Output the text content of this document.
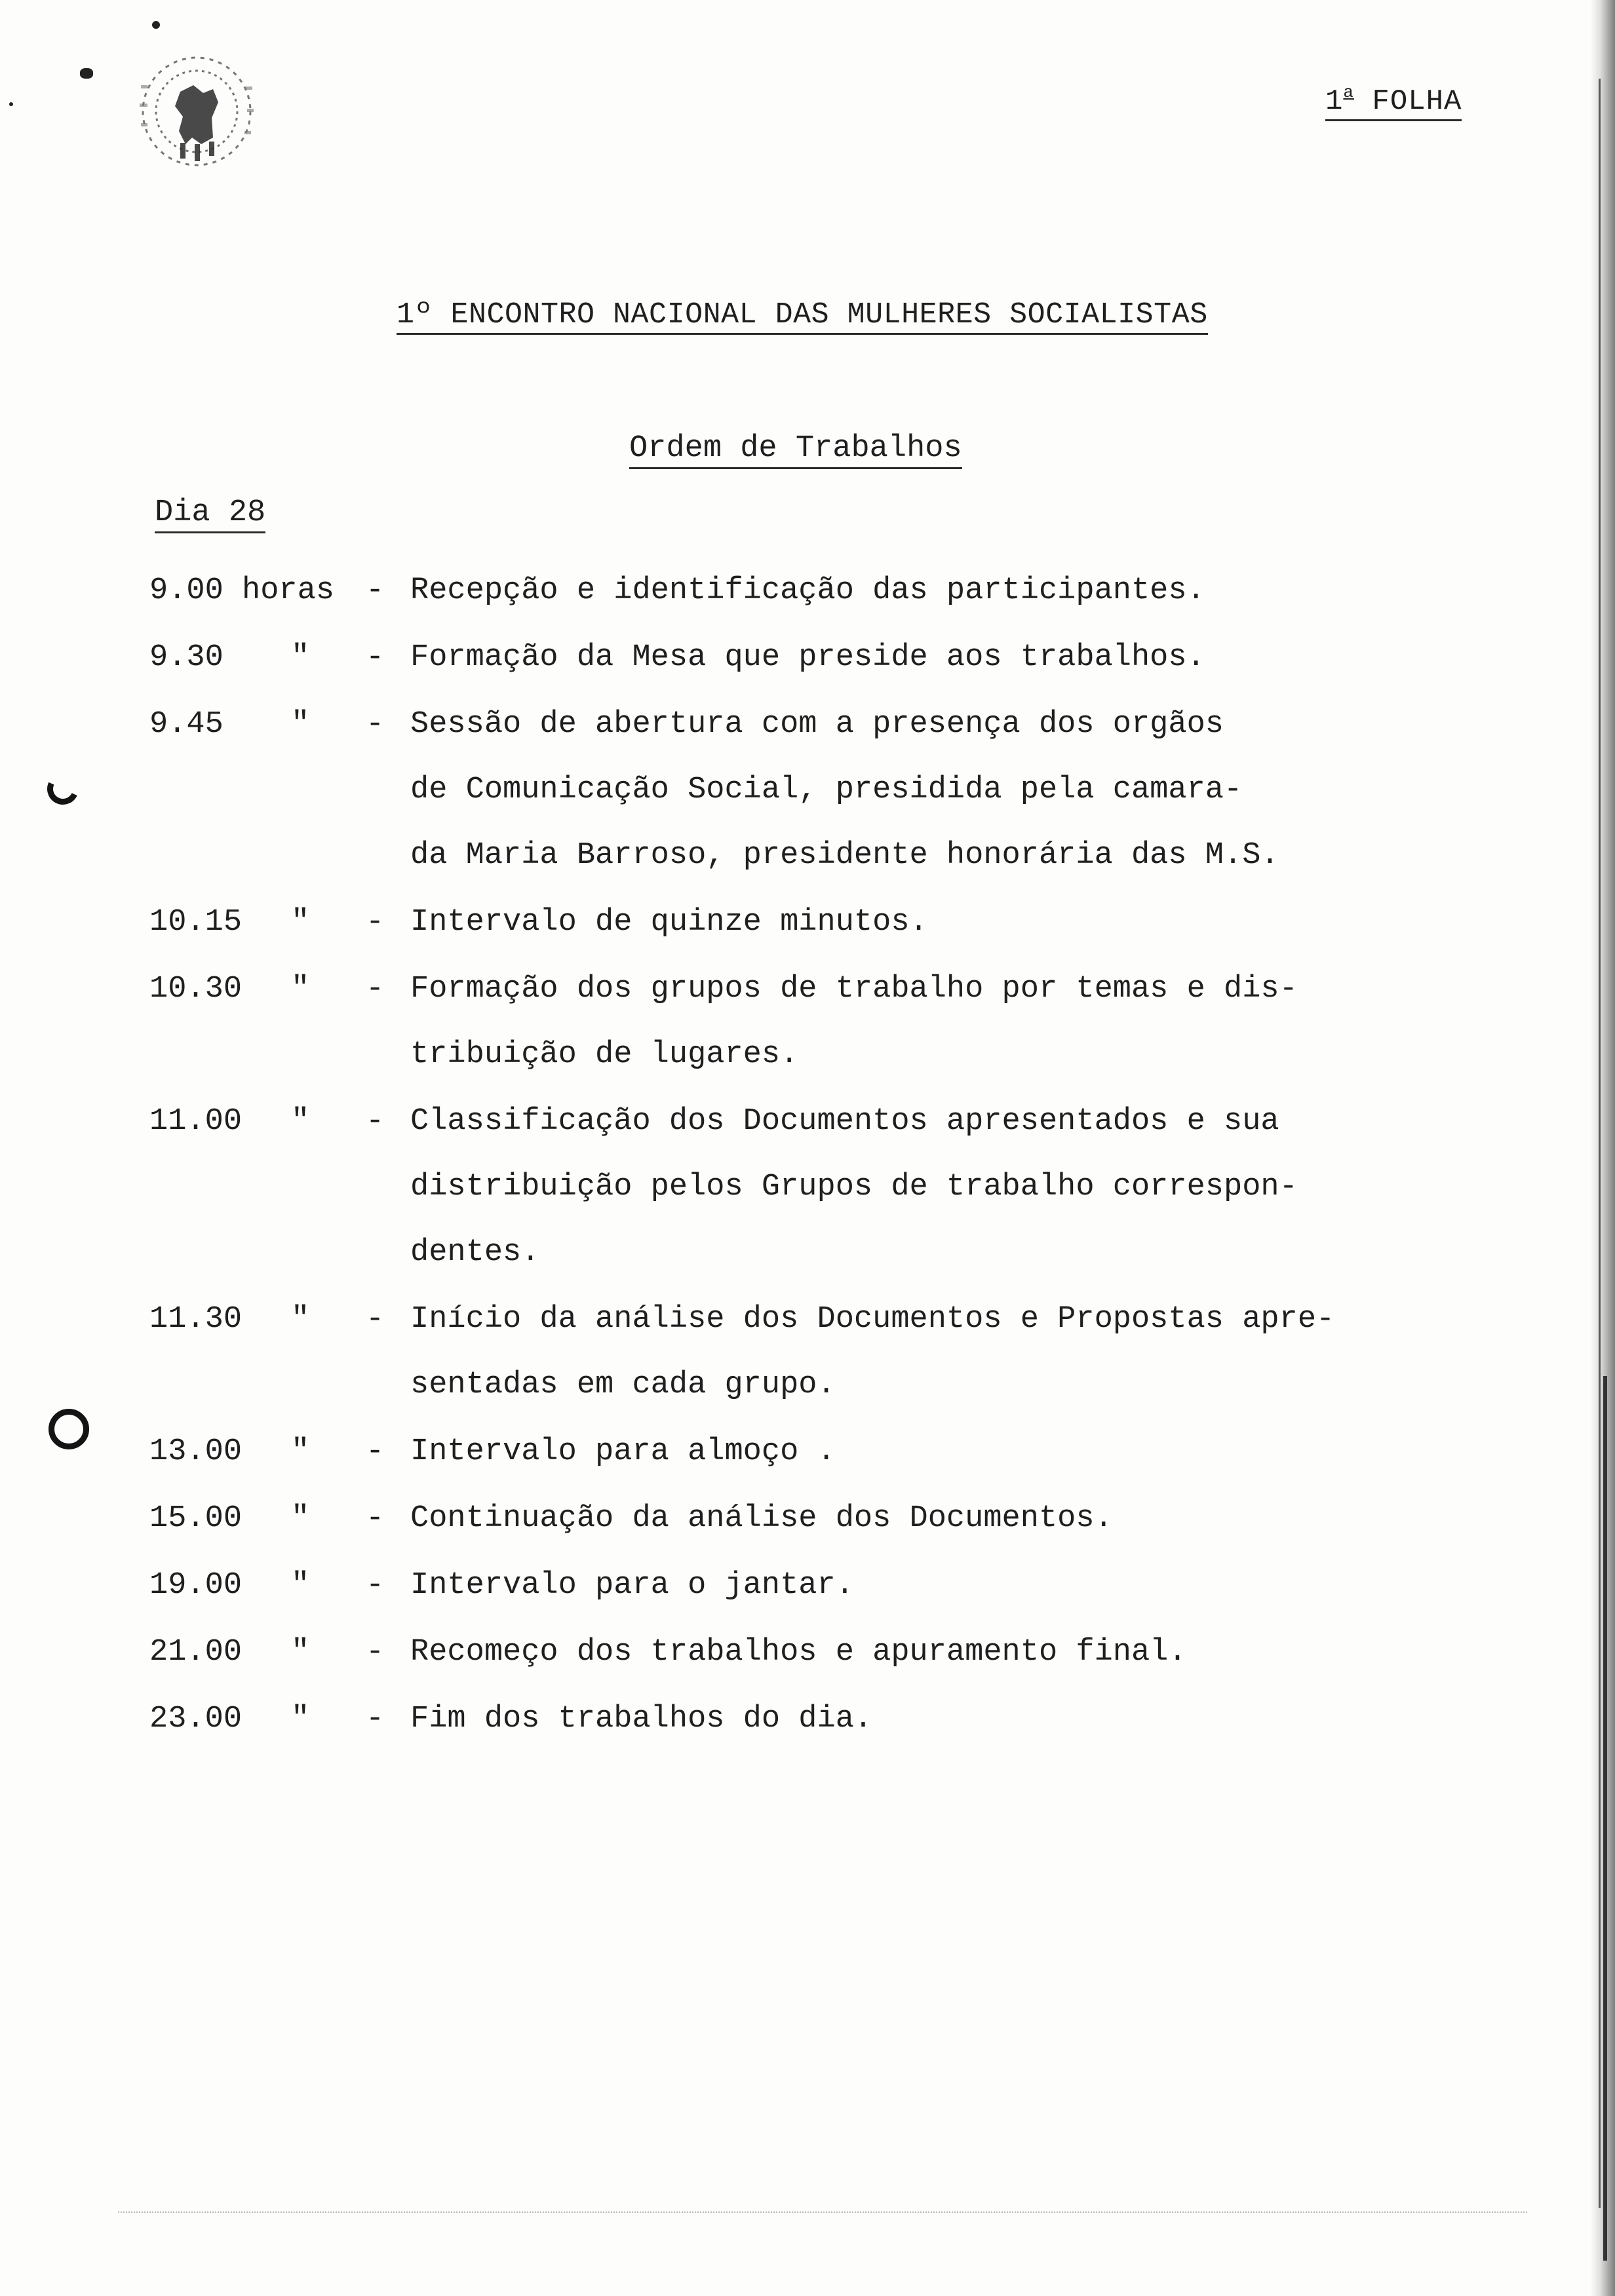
1$^a$ FOLHA
1º ENCONTRO NACIONAL DAS MULHERES SOCIALISTAS
Ordem de Trabalhos
Dia 28
9.00 horas - Recepção e identificação das participantes.
9.30 " - Formação da Mesa que preside aos trabalhos.
9.45 " - Sessão de abertura com a presença dos orgãos
de Comunicação Social, presidida pela camara-
da Maria Barroso, presidente honorária das M.S.
10.15 " - Intervalo de quinze minutos.
10.30 " - Formação dos grupos de trabalho por temas e dis-
tribuição de lugares.
11.00 " - Classificação dos Documentos apresentados e sua
distribuição pelos Grupos de trabalho correspon-
dentes.
11.30 " - Início da análise dos Documentos e Propostas apre-
sentadas em cada grupo.
13.00 " - Intervalo para almoço .
15.00 " - Continuação da análise dos Documentos.
19.00 " - Intervalo para o jantar.
21.00 " - Recomeço dos trabalhos e apuramento final.
23.00 " - Fim dos trabalhos do dia.
